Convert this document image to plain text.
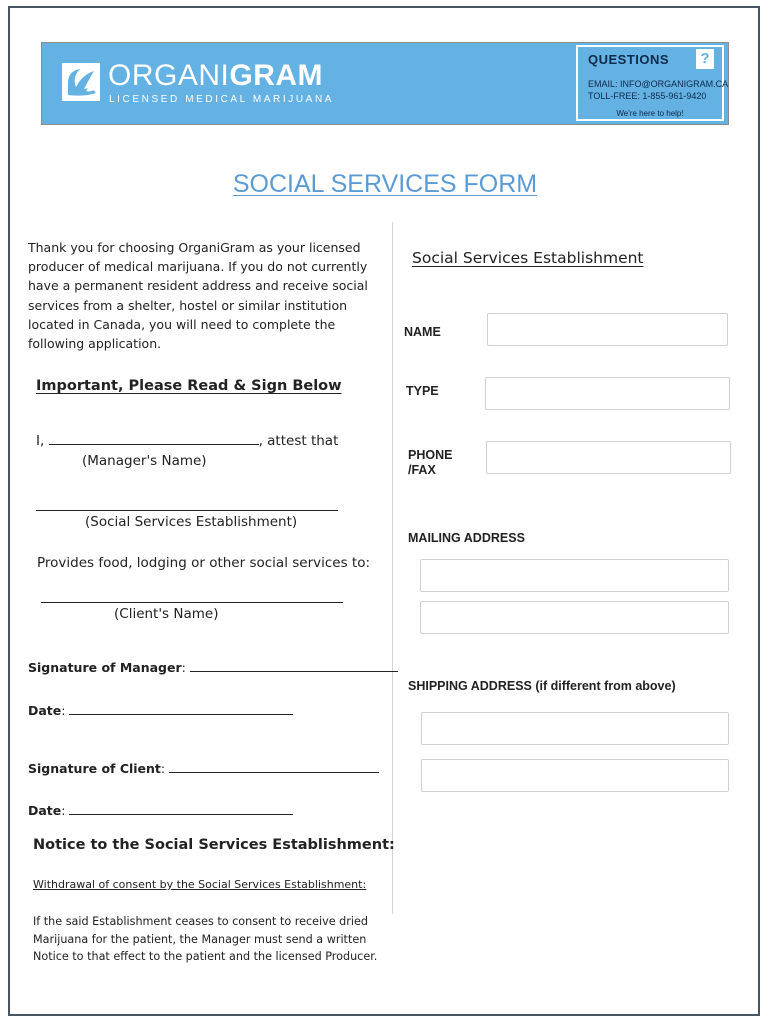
ORGANIGRAM
LICENSED MEDICAL MARIJUANA
QUESTIONS ?
EMAIL: INFO@ORGANIGRAM.CA
TOLL-FREE: 1-855-961-9420
We're here to help!
SOCIAL SERVICES FORM
Thank you for choosing OrganiGram as your licensed producer of medical marijuana. If you do not currently have a permanent resident address and receive social services from a shelter, hostel or similar institution located in Canada, you will need to complete the following application.
Important, Please Read & Sign Below
I,	, attest that
(Manager's Name)
(Social Services Establishment)
Provides food, lodging or other social services to:
(Client's Name)
Signature of Manager:
Date:
Signature of Client:
Date:
Notice to the Social Services Establishment:
Withdrawal of consent by the Social Services Establishment:
If the said Establishment ceases to consent to receive dried Marijuana for the patient, the Manager must send a written Notice to that effect to the patient and the licensed Producer.
Social Services Establishment
NAME
TYPE
PHONE
/FAX
MAILING ADDRESS
SHIPPING ADDRESS (if different from above)
